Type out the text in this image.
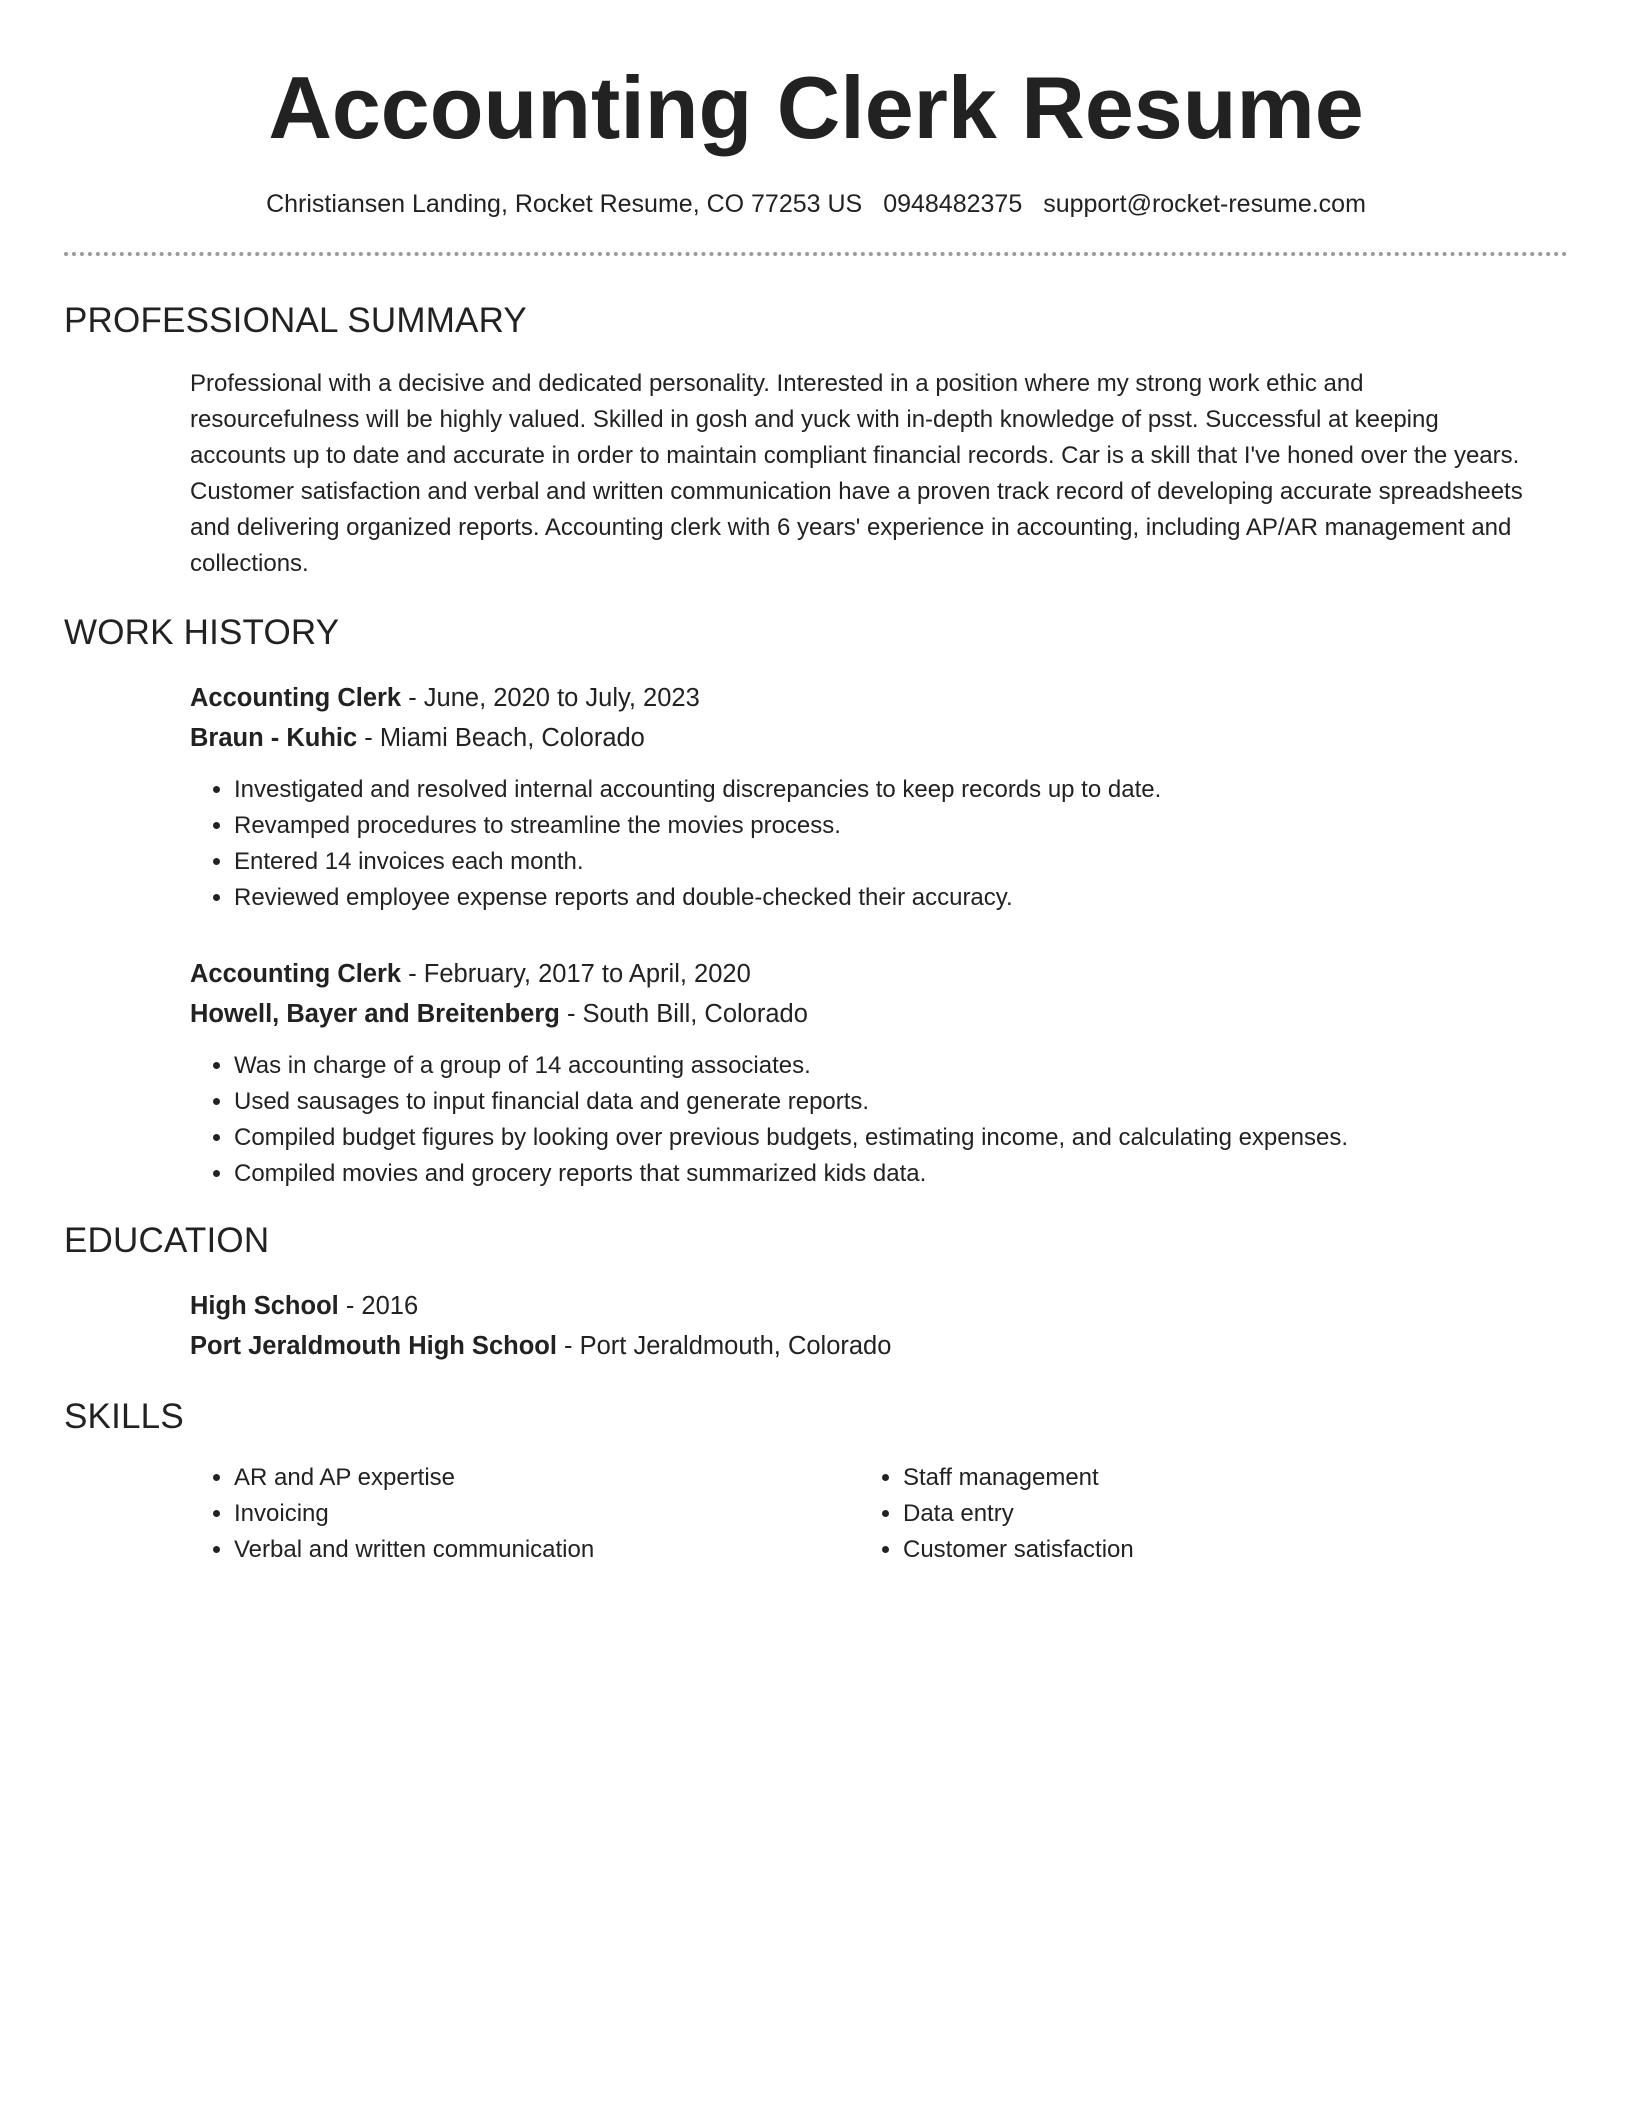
Accounting Clerk Resume
Christiansen Landing, Rocket Resume, CO 77253 US 0948482375 support@rocket-resume.com
PROFESSIONAL SUMMARY

Professional with a decisive and dedicated personality. Interested in a position where my strong work ethic and resourcefulness will be highly valued. Skilled in gosh and yuck with in-depth knowledge of psst. Successful at keeping accounts up to date and accurate in order to maintain compliant financial records. Car is a skill that I've honed over the years. Customer satisfaction and verbal and written communication have a proven track record of developing accurate spreadsheets and delivering organized reports. Accounting clerk with 6 years' experience in accounting, including AP/AR management and collections.

WORK HISTORY
Accounting Clerk - June, 2020 to July, 2023
Braun - Kuhic - Miami Beach, Colorado
• Investigated and resolved internal accounting discrepancies to keep records up to date.
• Revamped procedures to streamline the movies process.
• Entered 14 invoices each month.
• Reviewed employee expense reports and double-checked their accuracy.
Accounting Clerk - February, 2017 to April, 2020
Howell, Bayer and Breitenberg - South Bill, Colorado
• Was in charge of a group of 14 accounting associates.
• Used sausages to input financial data and generate reports.
• Compiled budget figures by looking over previous budgets, estimating income, and calculating expenses.
• Compiled movies and grocery reports that summarized kids data.
EDUCATION
High School - 2016
Port Jeraldmouth High School - Port Jeraldmouth, Colorado
SKILLS
• AR and AP expertise
• Invoicing
• Verbal and written communication
• Staff management
• Data entry
• Customer satisfaction
